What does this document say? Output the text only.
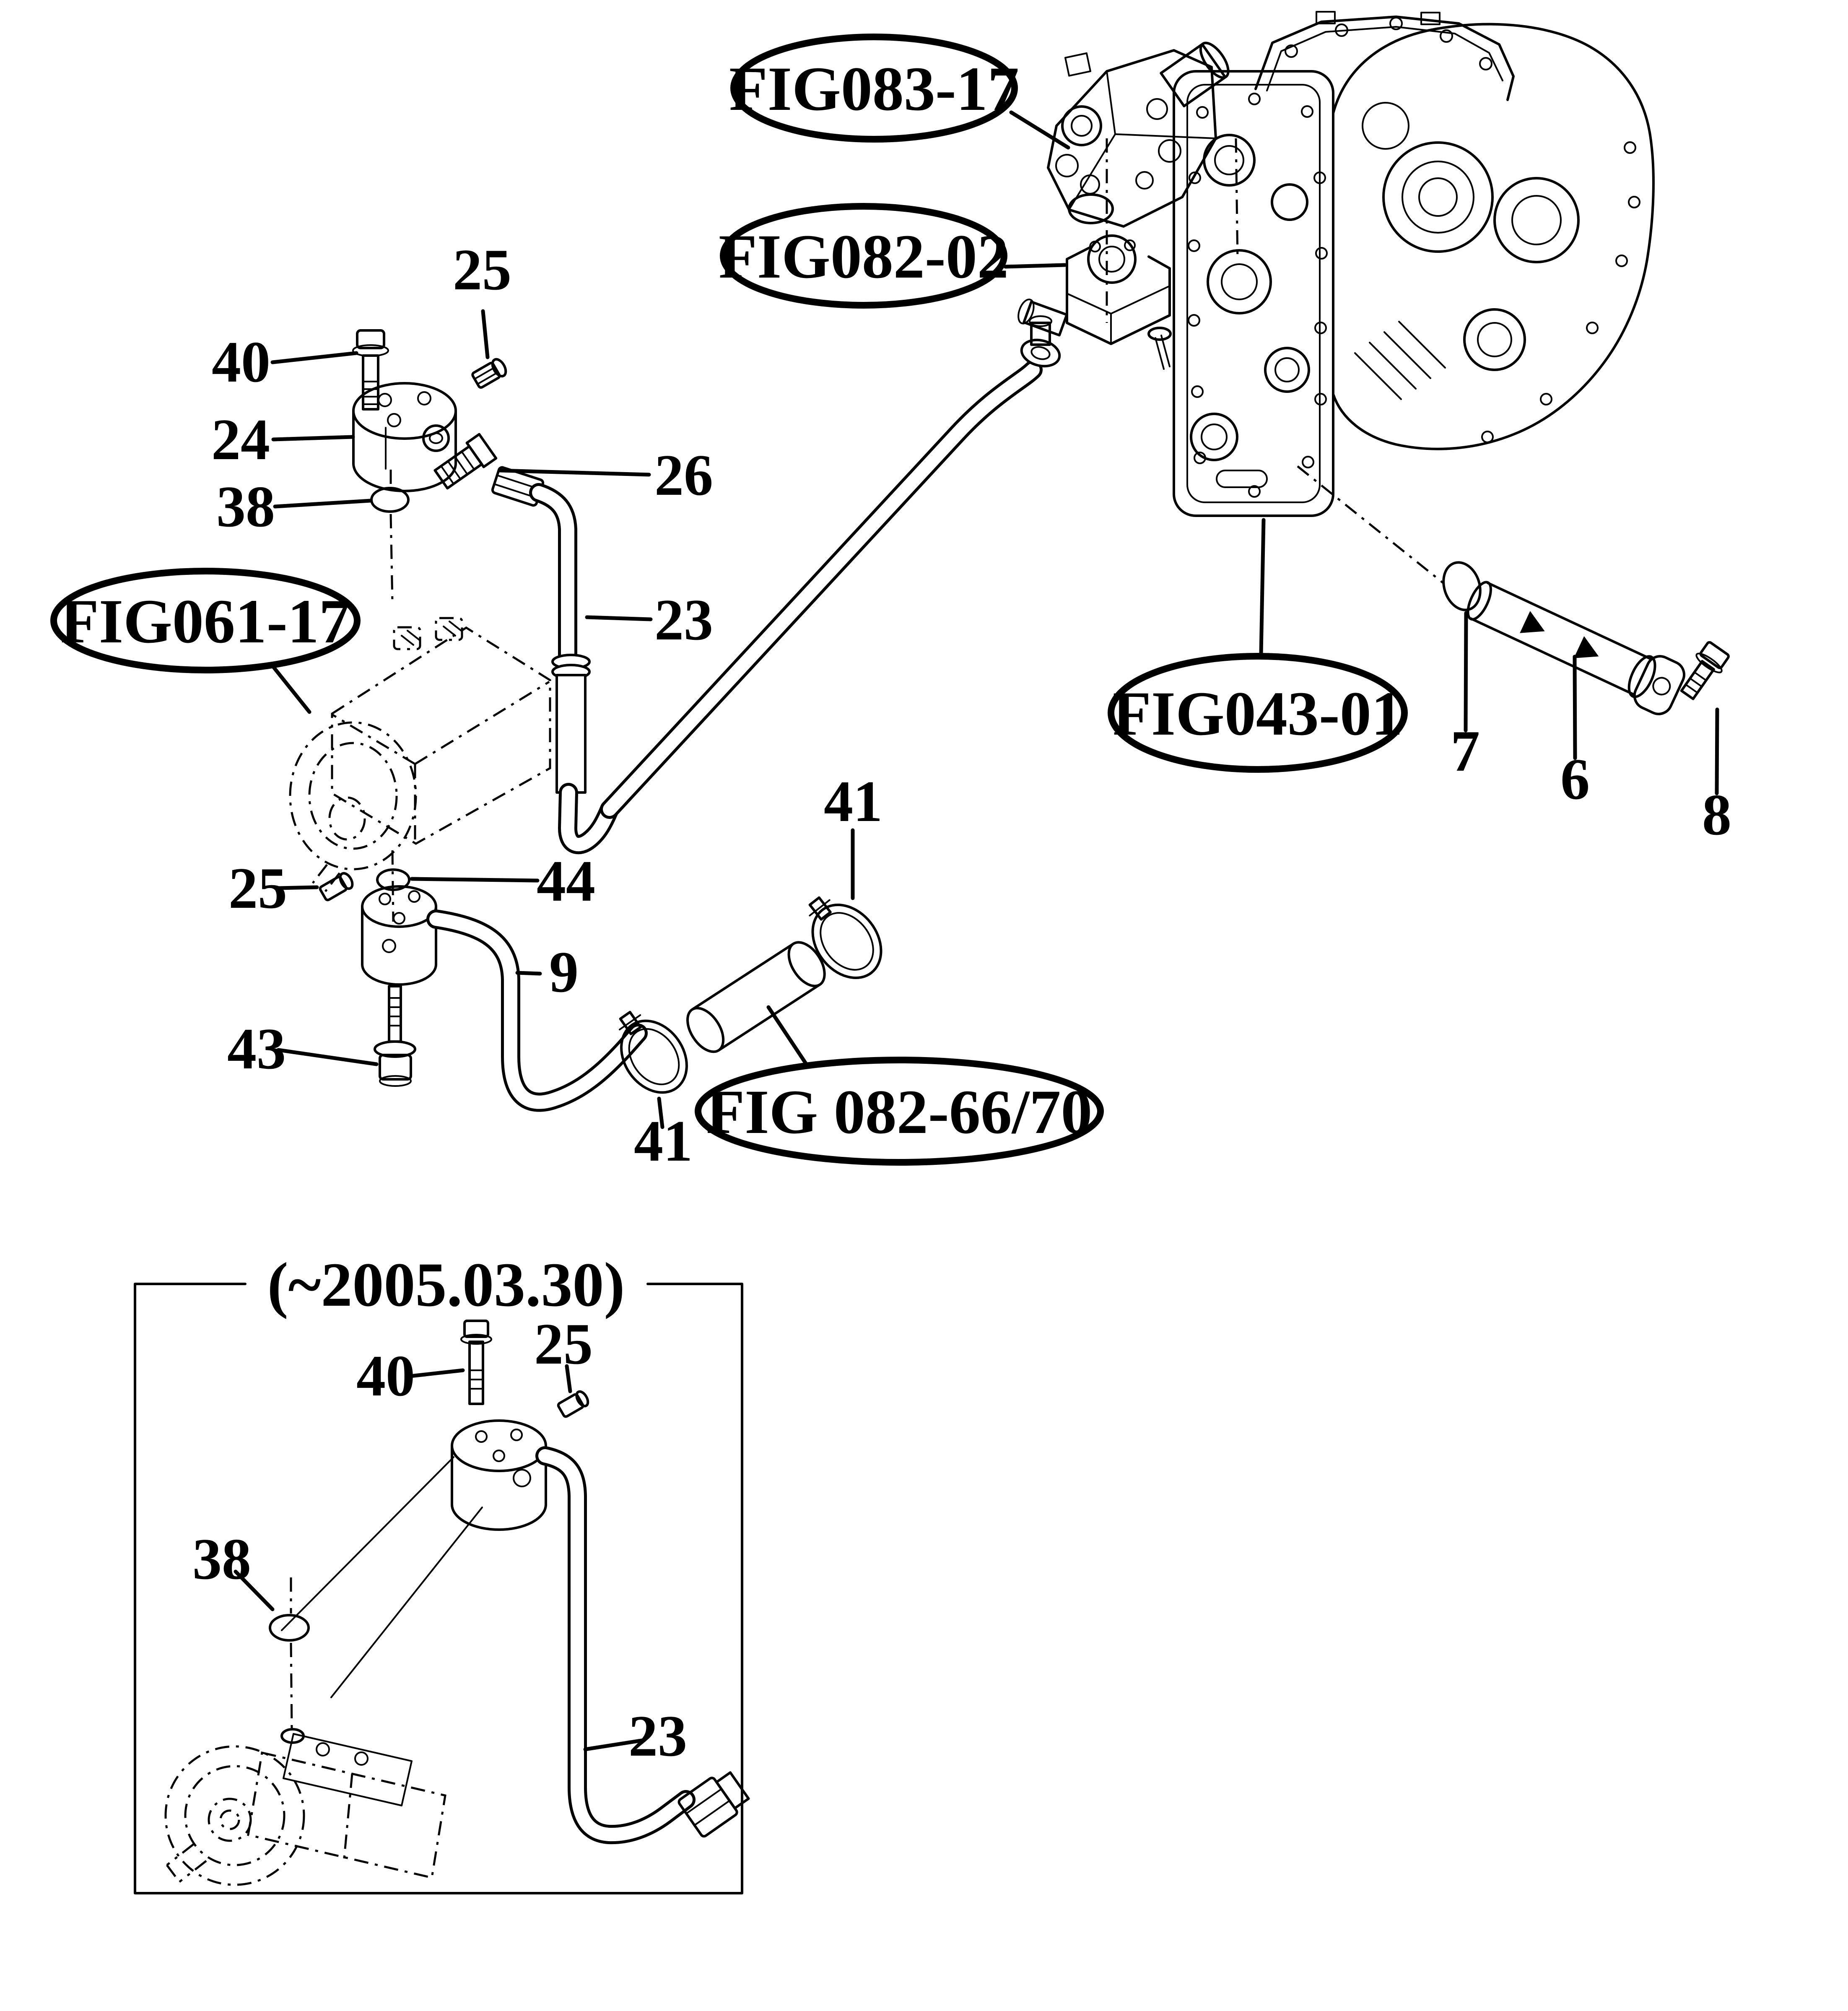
FIG083-17
FIG082-02
FIG061-17
FIG043-01
FIG 082-66/70
25
40
24
38	26
23
41
44
25
9
43
41
7 6
8
(~2005.03.30)
40 25
38
23
